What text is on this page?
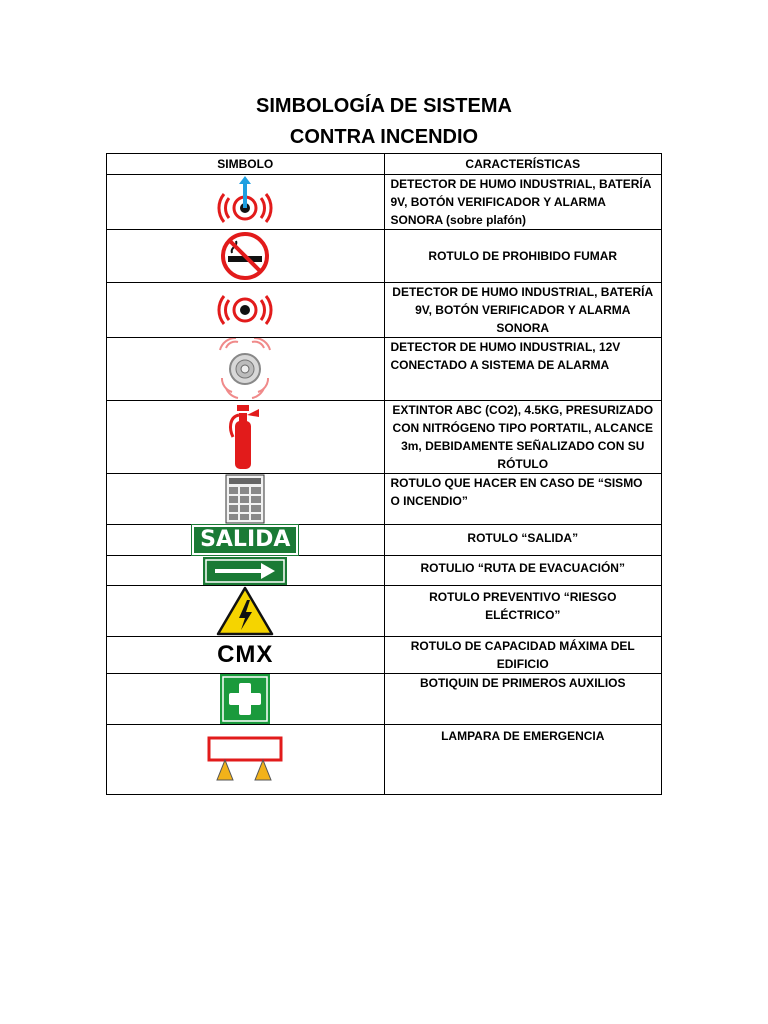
SIMBOLOGÍA DE SISTEMA
CONTRA INCENDIO
SIMBOLO	CARACTERÍSTICAS

	DETECTOR DE HUMO INDUSTRIAL, BATERÍA 9V, BOTÓN VERIFICADOR Y ALARMA SONORA (sobre plafón)

	ROTULO DE PROHIBIDO FUMAR

	DETECTOR DE HUMO INDUSTRIAL, BATERÍA 9V, BOTÓN VERIFICADOR Y ALARMA SONORA

	DETECTOR DE HUMO INDUSTRIAL, 12V CONECTADO A SISTEMA DE ALARMA

	EXTINTOR ABC (CO2), 4.5KG, PRESURIZADO CON NITRÓGENO TIPO PORTATIL, ALCANCE 3m, DEBIDAMENTE SEÑALIZADO CON SU RÓTULO

	ROTULO QUE HACER EN CASO DE “SISMO O INCENDIO”
SALIDA	ROTULO “SALIDA”

	ROTULIO “RUTA DE EVACUACIÓN”

	ROTULO PREVENTIVO “RIESGO ELÉCTRICO”
CMX	ROTULO DE CAPACIDAD MÁXIMA DEL EDIFICIO

	BOTIQUIN DE PRIMEROS AUXILIOS

	LAMPARA DE EMERGENCIA
